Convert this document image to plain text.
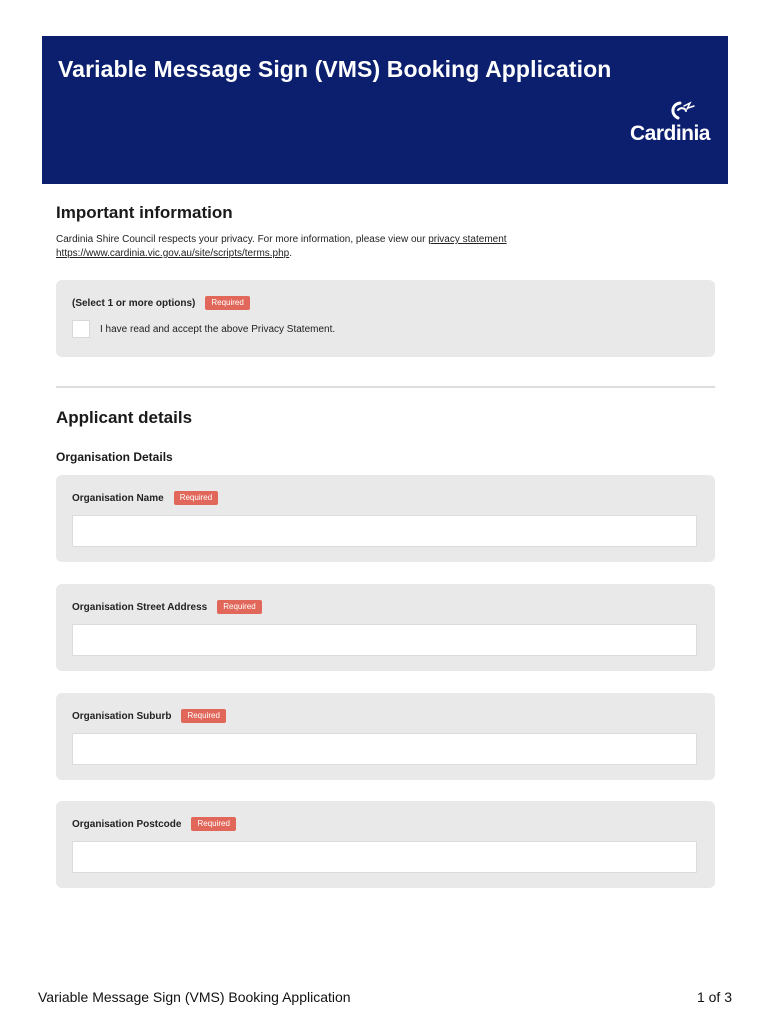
Variable Message Sign (VMS) Booking Application
Cardinia
Important information
Cardinia Shire Council respects your privacy. For more information, please view our privacy statement
https://www.cardinia.vic.gov.au/site/scripts/terms.php.
(Select 1 or more options)	Required
I have read and accept the above Privacy Statement.
Applicant details
Organisation Details
Organisation Name	Required
Organisation Street Address	Required
Organisation Suburb	Required
Organisation Postcode	Required
Variable Message Sign (VMS) Booking Application	1 of 3
